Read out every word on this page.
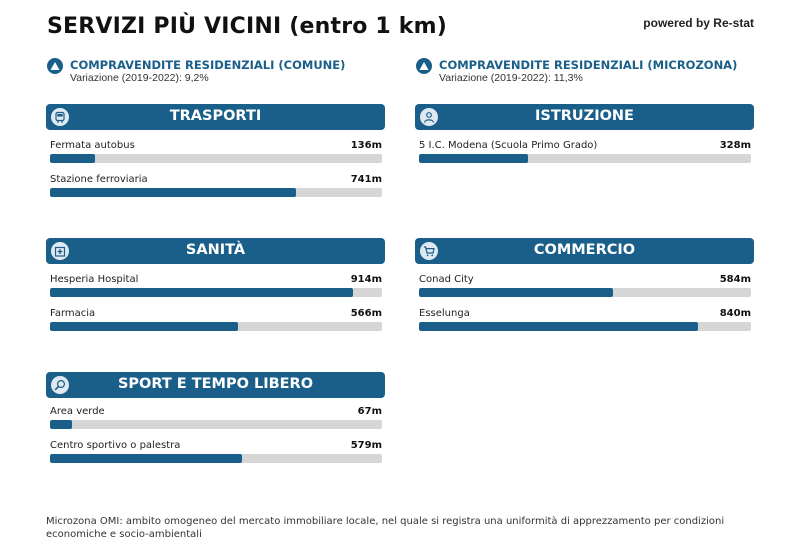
SERVIZI PIÙ VICINI (entro 1 km)	powered by Re-stat
COMPRAVENDITE RESIDENZIALI (COMUNE)
Variazione (2019-2022): 9,2%
COMPRAVENDITE RESIDENZIALI (MICROZONA)
Variazione (2019-2022): 11,3%
TRASPORTI
Fermata autobus	136m
Stazione ferroviaria	741m
ISTRUZIONE
5 I.C. Modena (Scuola Primo Grado)	328m
SANITÀ
Hesperia Hospital	914m
Farmacia	566m
COMMERCIO
Conad City	584m
Esselunga	840m
SPORT E TEMPO LIBERO
Area verde	67m
Centro sportivo o palestra	579m
Microzona OMI: ambito omogeneo del mercato immobiliare locale, nel quale si registra una uniformità di apprezzamento per condizioni economiche e socio-ambientali
